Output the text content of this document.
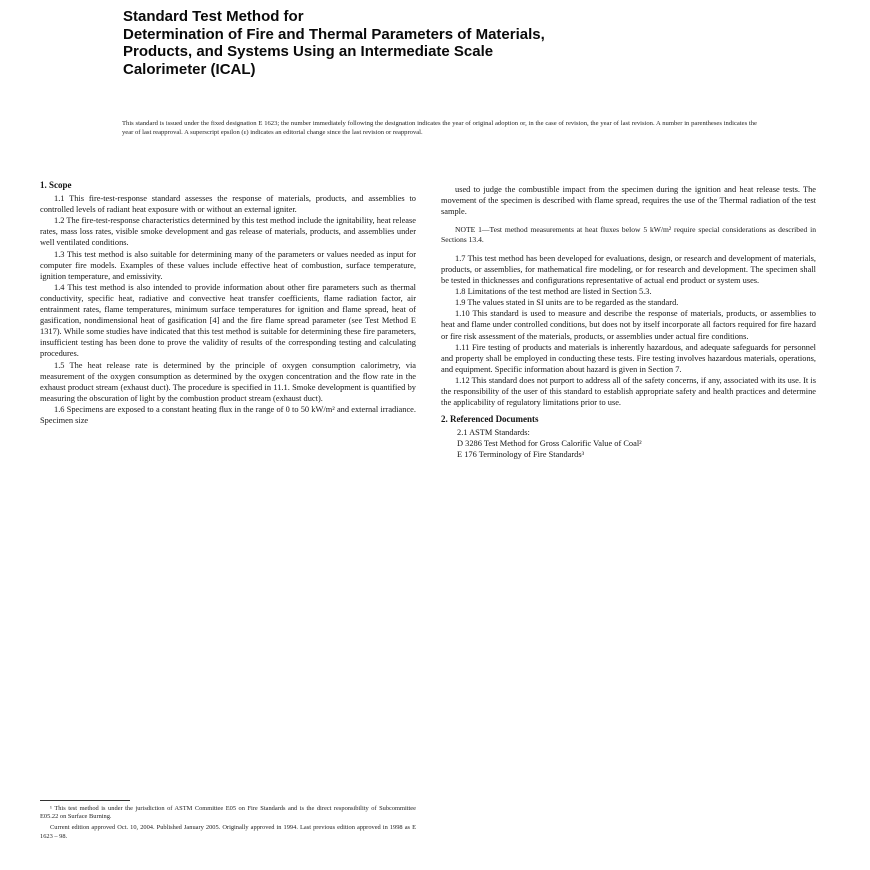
Standard Test Method for
Determination of Fire and Thermal Parameters of Materials,
Products, and Systems Using an Intermediate Scale
Calorimeter (ICAL)
This standard is issued under the fixed designation E 1623; the number immediately following the designation indicates the year of original adoption or, in the case of revision, the year of last revision. A number in parentheses indicates the year of last reapproval. A superscript epsilon (ε) indicates an editorial change since the last revision or reapproval.
1. Scope

1.1 This fire-test-response standard assesses the response of materials, products, and assemblies to controlled levels of radiant heat exposure with or without an external igniter.

1.2 The fire-test-response characteristics determined by this test method include the ignitability, heat release rates, mass loss rates, visible smoke development and gas release of materials, products, and assemblies under well ventilated conditions.

1.3 This test method is also suitable for determining many of the parameters or values needed as input for computer fire models. Examples of these values include effective heat of combustion, surface temperature, ignition temperature, and emissivity.

1.4 This test method is also intended to provide information about other fire parameters such as thermal conductivity, specific heat, radiative and convective heat transfer coefficients, flame radiation factor, air entrainment rates, flame temperatures, minimum surface temperatures for ignition and flame spread, heat of gasification, nondimensional heat of gasification [4] and the fire flame spread parameter (see Test Method E 1317). While some studies have indicated that this test method is suitable for determining these fire parameters, insufficient testing has been done to prove the validity of results of the corresponding testing and calculating procedures.

1.5 The heat release rate is determined by the principle of oxygen consumption calorimetry, via measurement of the oxygen consumption as determined by the oxygen concentration and the flow rate in the exhaust product stream (exhaust duct). The procedure is specified in 11.1. Smoke development is quantified by measuring the obscuration of light by the combustion product stream (exhaust duct).

1.6 Specimens are exposed to a constant heating flux in the range of 0 to 50 kW/m² and external irradiance. Specimen size

¹ This test method is under the jurisdiction of ASTM Committee E05 on Fire Standards and is the direct responsibility of Subcommittee E05.22 on Surface Burning.

Current edition approved Oct. 10, 2004. Published January 2005. Originally approved in 1994. Last previous edition approved in 1998 as E 1623 – 98.

used to judge the combustible impact from the specimen during the ignition and heat release tests. The movement of the specimen is described with flame spread, requires the use of the Thermal radiation of the test sample.

NOTE 1—Test method measurements at heat fluxes below 5 kW/m² require special considerations as described in Sections 13.4.

1.7 This test method has been developed for evaluations, design, or research and development of materials, products, or assemblies, for mathematical fire modeling, or for research and development. The specimen shall be tested in thicknesses and configurations representative of actual end product or system uses.

1.8 Limitations of the test method are listed in Section 5.3.

1.9 The values stated in SI units are to be regarded as the standard.

1.10 This standard is used to measure and describe the response of materials, products, or assemblies to heat and flame under controlled conditions, but does not by itself incorporate all factors required for fire hazard or fire risk assessment of the materials, products, or assemblies under actual fire conditions.

1.11 Fire testing of products and materials is inherently hazardous, and adequate safeguards for personnel and property shall be employed in conducting these tests. Fire testing involves hazardous materials, operations, and equipment. Specific information about hazard is given in Section 7.

1.12 This standard does not purport to address all of the safety concerns, if any, associated with its use. It is the responsibility of the user of this standard to establish appropriate safety and health practices and determine the applicability of regulatory limitations prior to use.

2. Referenced Documents

2.1 ASTM Standards:

D 3286 Test Method for Gross Calorific Value of Coal²

E 176 Terminology of Fire Standards³
